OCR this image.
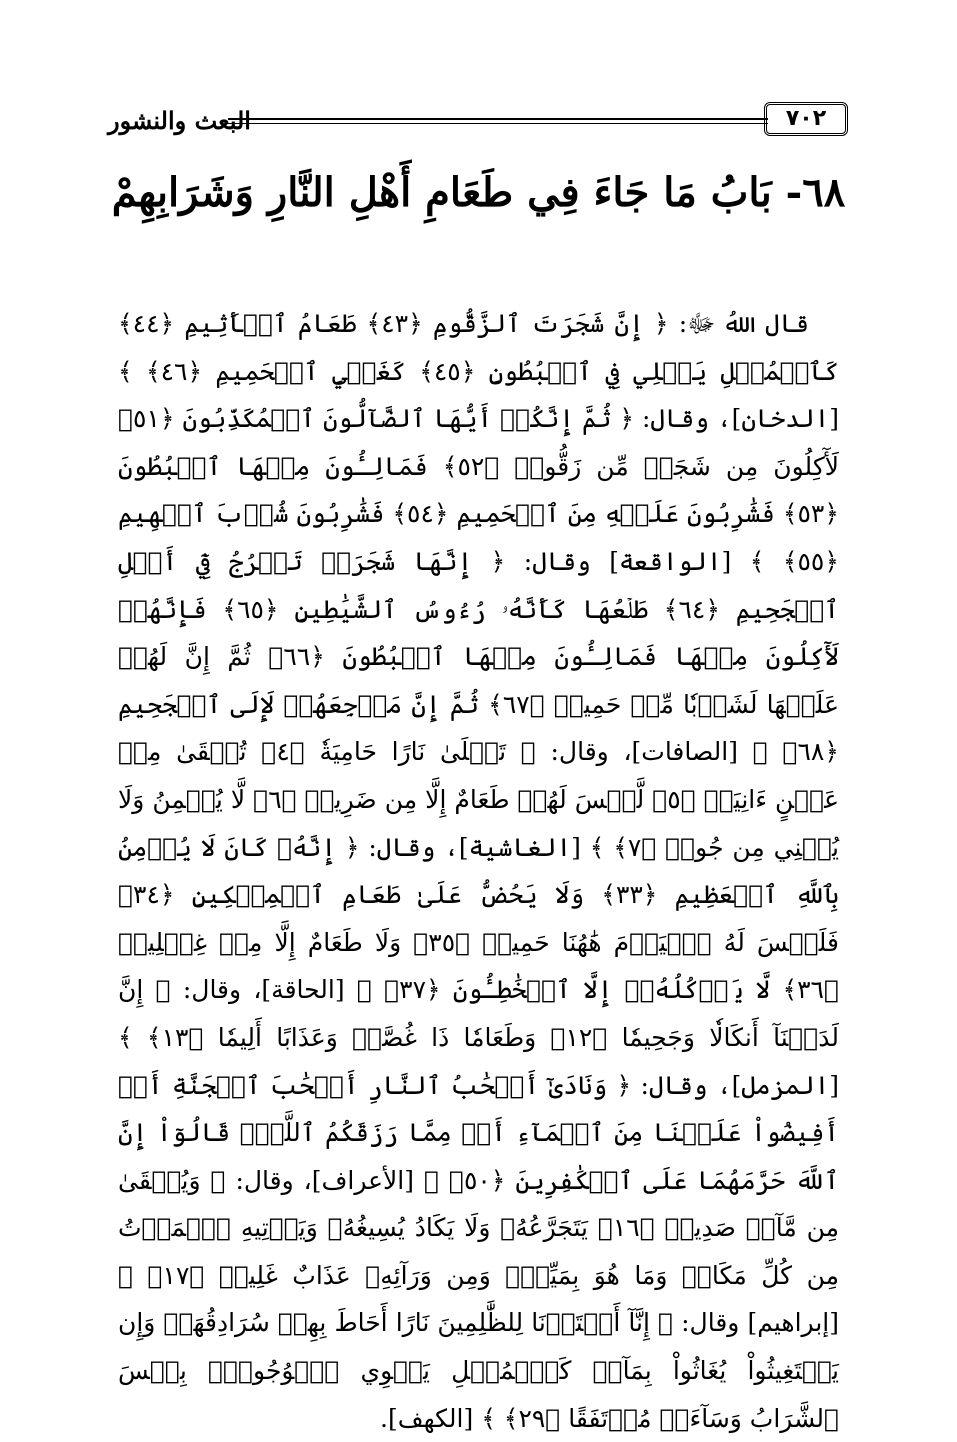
البعث والنشور	٧٠٢
٦٨- بَابُ مَا جَاءَ فِي طَعَامِ أَهْلِ النَّارِ وَشَرَابِهِمْ

قال اللهُ ﷻ: ﴿ إِنَّ شَجَرَتَ ٱلزَّقُّومِ ﴿٤٣﴾ طَعَامُ ٱلۡأَثِيمِ ﴿٤٤﴾ كَٱلۡمُهۡلِ يَغۡلِي فِي ٱلۡبُطُونِ ﴿٤٥﴾ كَغَلۡيِ ٱلۡحَمِيمِ ﴿٤٦﴾ ﴾ [الدخان]، وقال: ﴿ ثُمَّ إِنَّكُمۡ أَيُّهَا ٱلضَّآلُّونَ ٱلۡمُكَذِّبُونَ ﴿٥١﴾ لَأٓكِلُونَ مِن شَجَرٖ مِّن زَقُّومٖ ﴿٥٢﴾ فَمَالِـُٔونَ مِنۡهَا ٱلۡبُطُونَ ﴿٥٣﴾ فَشَٰرِبُونَ عَلَيۡهِ مِنَ ٱلۡحَمِيمِ ﴿٥٤﴾ فَشَٰرِبُونَ شُرۡبَ ٱلۡهِيمِ ﴿٥٥﴾ ﴾ [الواقعة] وقال: ﴿ إِنَّهَا شَجَرَةٞ تَخۡرُجُ فِيٓ أَصۡلِ ٱلۡجَحِيمِ ﴿٦٤﴾ طَلۡعُهَا كَأَنَّهُۥ رُءُوسُ ٱلشَّيَٰطِينِ ﴿٦٥﴾ فَإِنَّهُمۡ لَأٓكِلُونَ مِنۡهَا فَمَالِـُٔونَ مِنۡهَا ٱلۡبُطُونَ ﴿٦٦﴾ ثُمَّ إِنَّ لَهُمۡ عَلَيۡهَا لَشَوۡبٗا مِّنۡ حَمِيمٖ ﴿٦٧﴾ ثُمَّ إِنَّ مَرۡجِعَهُمۡ لَإِلَى ٱلۡجَحِيمِ ﴿٦٨﴾ ﴾ [الصافات]، وقال: ﴿ تَصۡلَىٰ نَارًا حَامِيَةٗ ﴿٤﴾ تُسۡقَىٰ مِنۡ عَيۡنٍ ءَانِيَةٖ ﴿٥﴾ لَّيۡسَ لَهُمۡ طَعَامٌ إِلَّا مِن ضَرِيعٖ ﴿٦﴾ لَّا يُسۡمِنُ وَلَا يُغۡنِي مِن جُوعٖ ﴿٧﴾ ﴾ [الغاشية]، وقال: ﴿ إِنَّهُۥ كَانَ لَا يُؤۡمِنُ بِٱللَّهِ ٱلۡعَظِيمِ ﴿٣٣﴾ وَلَا يَحُضُّ عَلَىٰ طَعَامِ ٱلۡمِسۡكِينِ ﴿٣٤﴾ فَلَيۡسَ لَهُ ٱلۡيَوۡمَ هَٰهُنَا حَمِيمٞ ﴿٣٥﴾ وَلَا طَعَامٌ إِلَّا مِنۡ غِسۡلِينٖ ﴿٣٦﴾ لَّا يَأۡكُلُهُۥٓ إِلَّا ٱلۡخَٰطِـُٔونَ ﴿٣٧﴾ ﴾ [الحاقة]، وقال: ﴿ إِنَّ لَدَيۡنَآ أَنكَالٗا وَجَحِيمٗا ﴿١٢﴾ وَطَعَامٗا ذَا غُصَّةٖ وَعَذَابًا أَلِيمٗا ﴿١٣﴾ ﴾ [المزمل]، وقال: ﴿ وَنَادَىٰٓ أَصۡحَٰبُ ٱلنَّارِ أَصۡحَٰبَ ٱلۡجَنَّةِ أَنۡ أَفِيضُواْ عَلَيۡنَا مِنَ ٱلۡمَآءِ أَوۡ مِمَّا رَزَقَكُمُ ٱللَّهُۚ قَالُوٓاْ إِنَّ ٱللَّهَ حَرَّمَهُمَا عَلَى ٱلۡكَٰفِرِينَ ﴿٥٠﴾ ﴾ [الأعراف]، وقال: ﴿ وَيُسۡقَىٰ مِن مَّآءٖ صَدِيدٖ ﴿١٦﴾ يَتَجَرَّعُهُۥ وَلَا يَكَادُ يُسِيغُهُۥ وَيَأۡتِيهِ ٱلۡمَوۡتُ مِن كُلِّ مَكَانٖ وَمَا هُوَ بِمَيِّتٖۖ وَمِن وَرَآئِهِۦ عَذَابٌ غَلِيظٞ ﴿١٧﴾ ﴾ [إبراهيم] وقال: ﴿ إِنَّآ أَعۡتَدۡنَا لِلظَّٰلِمِينَ نَارًا أَحَاطَ بِهِمۡ سُرَادِقُهَاۚ وَإِن يَسۡتَغِيثُواْ يُغَاثُواْ بِمَآءٖ كَٱلۡمُهۡلِ يَشۡوِي ٱلۡوُجُوهَۚ بِئۡسَ ٱلشَّرَابُ وَسَآءَتۡ مُرۡتَفَقًا ﴿٢٩﴾ ﴾ [الكهف].
